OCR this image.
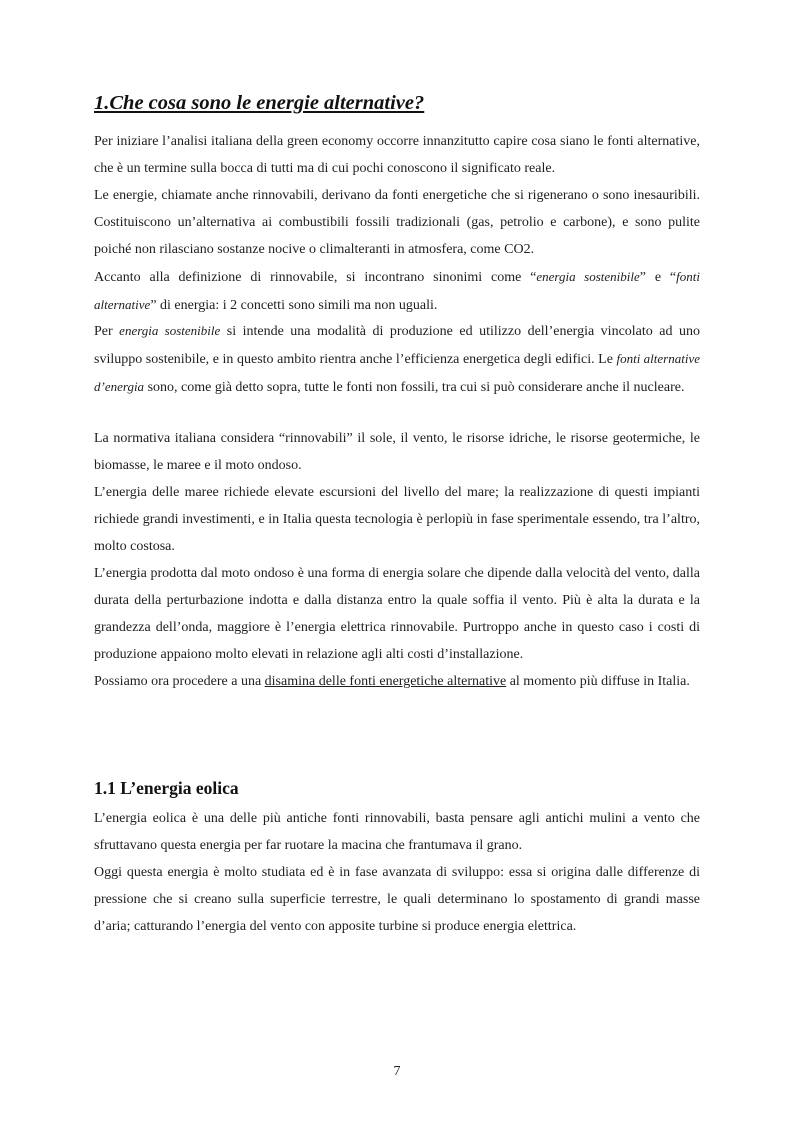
1.Che cosa sono le energie alternative?

Per iniziare l’analisi italiana della green economy occorre innanzitutto capire cosa siano le fonti alternative, che è un termine sulla bocca di tutti ma di cui pochi conoscono il significato reale.

Le energie, chiamate anche rinnovabili, derivano da fonti energetiche che si rigenerano o sono inesauribili. Costituiscono un’alternativa ai combustibili fossili tradizionali (gas, petrolio e carbone), e sono pulite poiché non rilasciano sostanze nocive o climalteranti in atmosfera, come CO2.

Accanto alla definizione di rinnovabile, si incontrano sinonimi come “energia sostenibile” e “fonti alternative” di energia: i 2 concetti sono simili ma non uguali.

Per energia sostenibile si intende una modalità di produzione ed utilizzo dell’energia vincolato ad uno sviluppo sostenibile, e in questo ambito rientra anche l’efficienza energetica degli edifici. Le fonti alternative d’energia sono, come già detto sopra, tutte le fonti non fossili, tra cui si può considerare anche il nucleare.

La normativa italiana considera “rinnovabili” il sole, il vento, le risorse idriche, le risorse geotermiche, le biomasse, le maree e il moto ondoso.

L’energia delle maree richiede elevate escursioni del livello del mare; la realizzazione di questi impianti richiede grandi investimenti, e in Italia questa tecnologia è perlopiù in fase sperimentale essendo, tra l’altro, molto costosa.

L’energia prodotta dal moto ondoso è una forma di energia solare che dipende dalla velocità del vento, dalla durata della perturbazione indotta e dalla distanza entro la quale soffia il vento. Più è alta la durata e la grandezza dell’onda, maggiore è l’energia elettrica rinnovabile. Purtroppo anche in questo caso i costi di produzione appaiono molto elevati in relazione agli alti costi d’installazione.

Possiamo ora procedere a una disamina delle fonti energetiche alternative al momento più diffuse in Italia.

1.1 L’energia eolica

L’energia eolica è una delle più antiche fonti rinnovabili, basta pensare agli antichi mulini a vento che sfruttavano questa energia per far ruotare la macina che frantumava il grano.

Oggi questa energia è molto studiata ed è in fase avanzata di sviluppo: essa si origina dalle differenze di pressione che si creano sulla superficie terrestre, le quali determinano lo spostamento di grandi masse d’aria; catturando l’energia del vento con apposite turbine si produce energia elettrica.

7
